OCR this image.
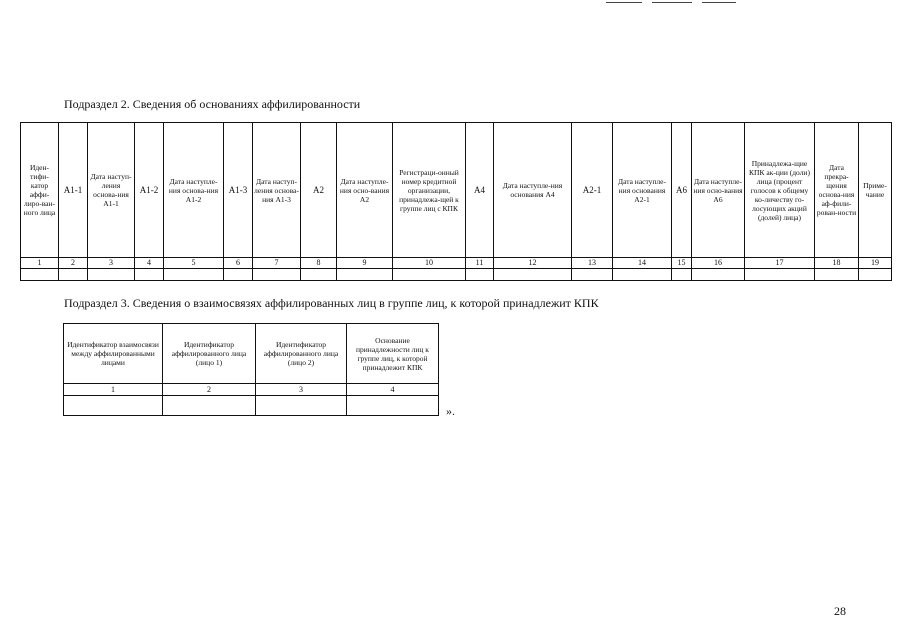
Подраздел 2. Сведения об основаниях аффилированности
Иден-тифи-катор аффи-лиро-ван-ного лица	А1-1	Дата наступ-ления основа-ния А1-1	А1-2	Дата наступле-ния основа-ния А1-2	А1-3	Дата наступ-ления основа-ния А1-3	А2	Дата наступле-ния осно-вания А2	Регистраци-онный номер кредитной организации, принадлежа-щей к группе лиц с КПК	А4	Дата наступле-ния основания А4	А2-1	Дата наступле-ния основания А2-1	А6	Дата наступле-ния осно-вания А6	Принадлежа-щие КПК ак-ции (доли) лица (процент голосов к общему ко-личеству го-лосующих акций (долей) лица)	Дата прекра-щения основа-ния аф-фили-рован-ности	Приме-чание
1	2	3	4	5	6	7	8	9	10	11	12	13	14	15	16	17	18	19

Подраздел 3. Сведения о взаимосвязях аффилированных лиц в группе лиц, к которой принадлежит КПК
Идентификатор взаимосвязи между аффилированными лицами	Идентификатор аффилированного лица (лицо 1)	Идентификатор аффилированного лица (лицо 2)	Основание принадлежности лиц к группе лиц, к которой принадлежит КПК
1	2	3	4

».
28
